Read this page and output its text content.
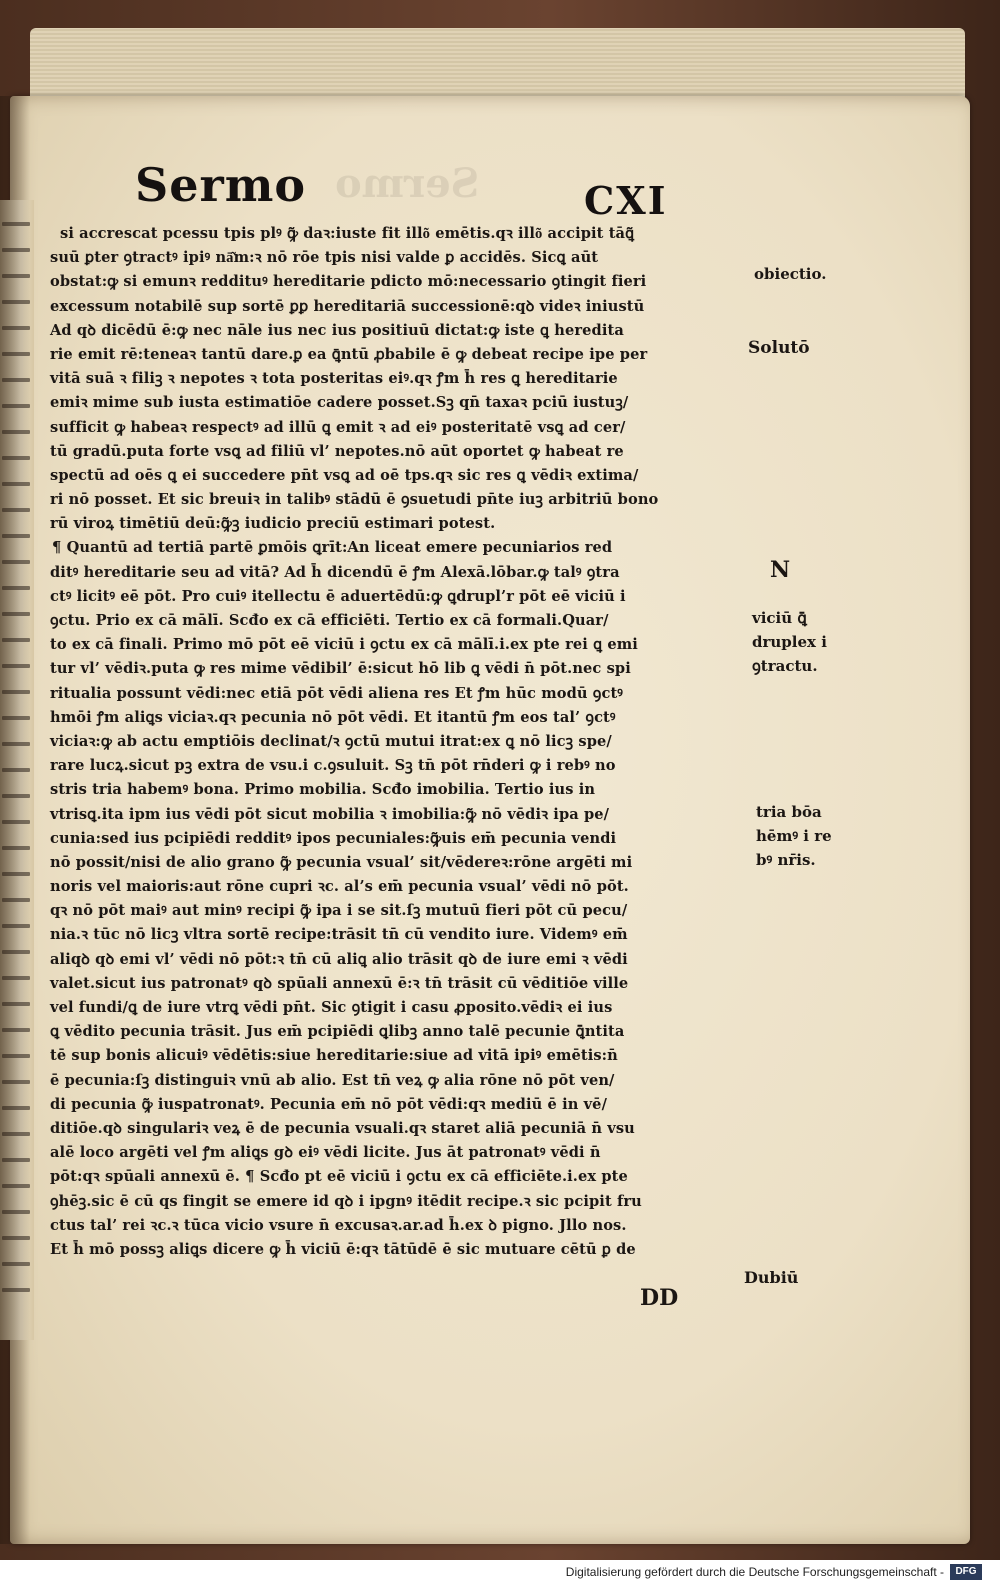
Sermo
Sermo	CXI
si accrescat pcessu tpis plꝰ ꝙ͂ daꝛ:iuste fit illo͂ emētis.qꝛ illo͂ accipit tāꝗ͂
suū ꝑter ꝯtractꝰ ipiꝰ nā͂m:ꝛ nō rōe tpis nisi valde ꝑ accidēs. Sicꝗ aūt
obstat:ꝙ si emunꝛ reddituꝰ hereditarie pdicto mō:necessario ꝯtingit fieri
excessum notabilē sup sortē ꝑꝑ hereditariā successionē:qꝺ videꝛ iniustū
Ad qꝺ dicēdū ē:ꝙ nec nāle ius nec ius positiuū dictat:ꝙ iste ꝗ heredita
rie emit rē:teneaꝛ tantū dare.ꝑ ea ꝗ̄ntū ꝓbabile ē ꝙ debeat recipe ipe per
vitā suā ꝛ filiꝫ ꝛ nepotes ꝛ tota posteritas eiꝰ.qꝛ ꝭm h̄ res ꝗ hereditarie
emiꝛ mime sub iusta estimatiōe cadere posset.Sꝫ qn̄ taxaꝛ pciū iustuꝫ/
sufficit ꝙ habeaꝛ respectꝰ ad illū ꝗ emit ꝛ ad eiꝰ posteritatē vsꝗ ad cer/
tū gradū.puta forte vsꝗ ad filiū vl’ nepotes.nō aūt oportet ꝙ habeat re
spectū ad oēs ꝗ ei succedere pn̄t vsꝗ ad oē tps.qꝛ sic res ꝗ vēdiꝛ extima/
ri nō posset. Et sic breuiꝛ in talibꝰ stādū ē ꝯsuetudi pn̄te iuꝫ arbitriū bono
rū viroꝝ timētiū deū:ꝙ͂ꝫ iudicio preciū estimari potest.
¶ Quantū ad tertiā partē ꝑmōis ꝗrīt:An liceat emere pecuniarios red
ditꝰ hereditarie seu ad vitā? Ad h̄ dicendū ē ꝭm Alexā.lōbar.ꝙ talꝰ ꝯtra
ctꝰ licitꝰ eē pōt. Pro cuiꝰ itellectu ē aduertēdū:ꝙ ꝗdrupl’r pōt eē viciū i
ꝯctu. Prio ex cā mālī. Scđo ex cā efficiēti. Tertio ex cā formali.Quar/
to ex cā finali. Primo mō pōt eē viciū i ꝯctu ex cā mālī.i.ex pte rei ꝗ emi
tur vl’ vēdiꝛ.puta ꝙ res mime vēdibil’ ē:sicut hō lib ꝗ vēdi n̄ pōt.nec spi
ritualia possunt vēdi:nec etiā pōt vēdi aliena res Et ꝭm hūc modū ꝯctꝰ
hmōi ꝭm aliꝗs viciaꝛ.qꝛ pecunia nō pōt vēdi. Et itantū ꝭm eos tal’ ꝯctꝰ
viciaꝛ:ꝙ ab actu emptiōis declinat/ꝛ ꝯctū mutui itrat:ex ꝗ nō licꝫ spe/
rare lucꝝ.sicut pꝫ extra de vsu.i c.ꝯsuluit. Sꝫ tn̄ pōt rn̄deri ꝙ i rebꝰ no
stris tria habemꝰ bona. Primo mobilia. Scđo imobilia. Tertio ius in
vtrisꝗ.ita ipm ius vēdi pōt sicut mobilia ꝛ imobilia:ꝙ͂ nō vēdiꝛ ipa pe/
cunia:sed ius pcipiēdi redditꝰ ipos pecuniales:ꝙ͂uis em̄ pecunia vendi
nō possit/nisi de alio grano ꝙ͂ pecunia vsual’ sit/vēdereꝛ:rōne argēti mi
noris vel maioris:aut rōne cupri ꝛc. al’s em̄ pecunia vsual’ vēdi nō pōt.
qꝛ nō pōt maiꝰ aut minꝰ recipi ꝙ͂ ipa i se sit.ſꝫ mutuū fieri pōt cū pecu/
nia.ꝛ tūc nō licꝫ vltra sortē recipe:trāsit tn̄ cū vendito iure. Videmꝰ em̄
aliqꝺ qꝺ emi vl’ vēdi nō pōt:ꝛ tn̄ cū aliꝗ alio trāsit qꝺ de iure emi ꝛ vēdi
valet.sicut ius patronatꝰ qꝺ spūali annexū ē:ꝛ tn̄ trāsit cū vēditiōe ville
vel fundi/ꝗ de iure vtrꝗ vēdi pn̄t. Sic ꝯtigit i casu ꝓposito.vēdiꝛ ei ius
ꝗ vēdito pecunia trāsit. Jus em̄ pcipiēdi ꝗlibꝫ anno talē pecunie ꝗ̄ntita
tē sup bonis alicuiꝰ vēdētis:siue hereditarie:siue ad vitā ipiꝰ emētis:n̄
ē pecunia:ſꝫ distinguiꝛ vnū ab alio. Est tn̄ veꝝ ꝙ alia rōne nō pōt ven/
di pecunia ꝙ͂ iuspatronatꝰ. Pecunia em̄ nō pōt vēdi:qꝛ mediū ē in vē/
ditiōe.qꝺ singulariꝛ veꝝ ē de pecunia vsuali.qꝛ staret aliā pecuniā n̄ vsu
alē loco argēti vel ꝭm aliꝗs gꝺ eiꝰ vēdi licite. Jus āt patronatꝰ vēdi n̄
pōt:qꝛ spūali annexū ē. ¶ Scđo pt eē viciū i ꝯctu ex cā efficiēte.i.ex pte
ꝯhēꝫ.sic ē cū qs fingit se emere id qꝺ i ipgnꝰ itēdit recipe.ꝛ sic pcipit fru
ctus tal’ rei ꝛc.ꝛ tūca vicio vsure n̄ excusaꝛ.ar.ad h̄.ex ꝺ pigno. Jllo nos.
Et h̄ mō possꝫ aliꝗs dicere ꝙ h̄ viciū ē:qꝛ tātūdē ē sic mutuare cētū ꝑ de
DD
obiectio.
Solutō
N
viciū ꝗ̄
druplex i
ꝯtractu.
tria bōa
hēmꝰ i re
bꝰ nr̄is.
Dubiū
Digitalisierung gefördert durch die Deutsche Forschungsgemeinschaft -	DFG
